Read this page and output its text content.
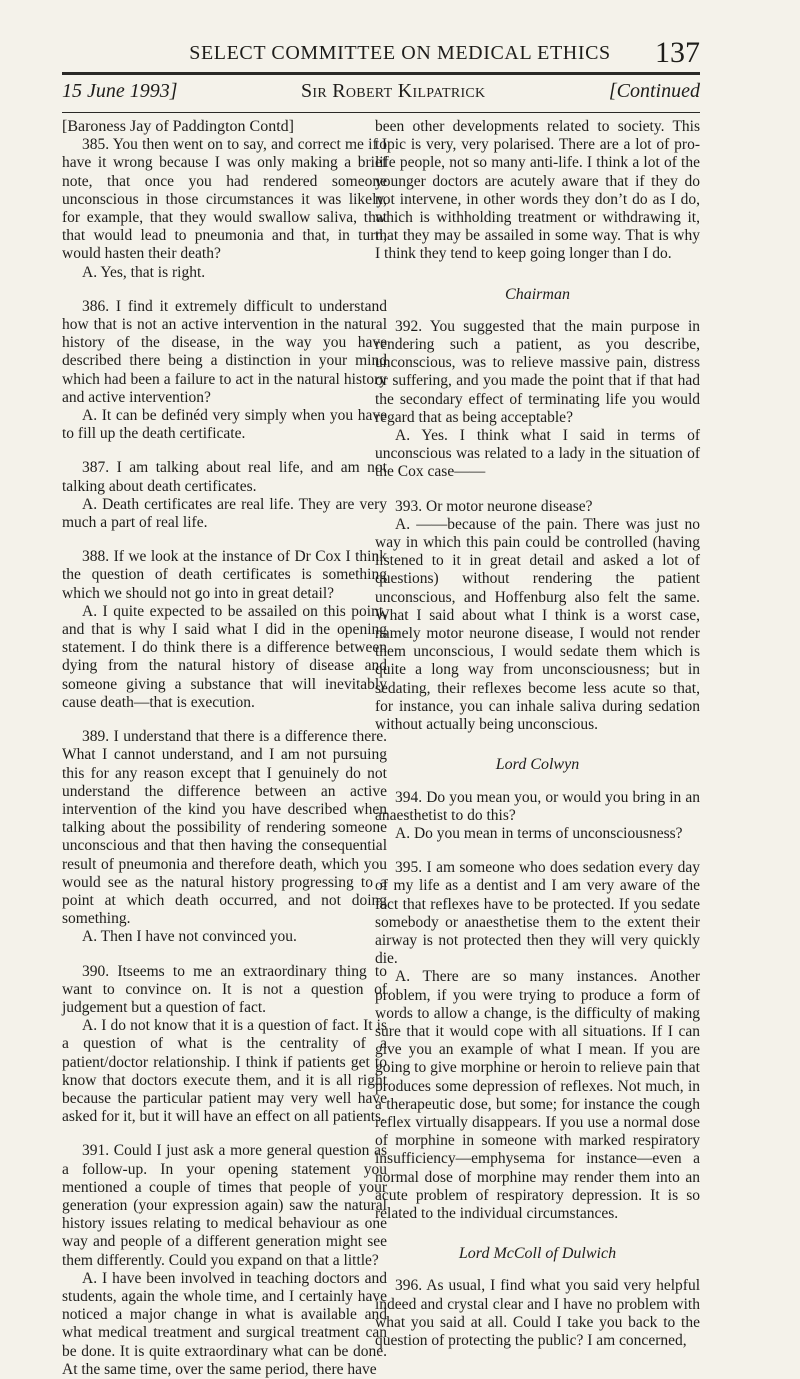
SELECT COMMITTEE ON MEDICAL ETHICS 137
15 June 1993]	Sir Robert Kilpatrick	[Continued

[Baroness Jay of Paddington Contd]

385. You then went on to say, and correct me if I have it wrong because I was only making a brief note, that once you had rendered someone unconscious in those circumstances it was likely, for example, that they would swallow saliva, that that would lead to pneumonia and that, in turn, would hasten their death?

A. Yes, that is right.

386. I find it extremely difficult to understand how that is not an active intervention in the natural history of the disease, in the way you have described there being a distinction in your mind which had been a failure to act in the natural history and active intervention?

A. It can be definéd very simply when you have to fill up the death certificate.

387. I am talking about real life, and am not talking about death certificates.

A. Death certificates are real life. They are very much a part of real life.

388. If we look at the instance of Dr Cox I think the question of death certificates is something which we should not go into in great detail?

A. I quite expected to be assailed on this point, and that is why I said what I did in the opening statement. I do think there is a difference between dying from the natural history of disease and someone giving a substance that will inevitably cause death—that is execution.

389. I understand that there is a difference there. What I cannot understand, and I am not pursuing this for any reason except that I genuinely do not understand the difference between an active intervention of the kind you have described when talking about the possibility of rendering someone unconscious and that then having the consequential result of pneumonia and therefore death, which you would see as the natural history progressing to a point at which death occurred, and not doing something.

A. Then I have not convinced you.

390. Itseems to me an extraordinary thing to want to convince on. It is not a question of judgement but a question of fact.

A. I do not know that it is a question of fact. It is a question of what is the centrality of a patient/doctor relationship. I think if patients get to know that doctors execute them, and it is all right because the particular patient may very well have asked for it, but it will have an effect on all patients.

391. Could I just ask a more general question as a follow-up. In your opening statement you mentioned a couple of times that people of your generation (your expression again) saw the natural history issues relating to medical behaviour as one way and people of a different generation might see them differently. Could you expand on that a little?

A. I have been involved in teaching doctors and students, again the whole time, and I certainly have noticed a major change in what is available and what medical treatment and surgical treatment can be done. It is quite extraordinary what can be done. At the same time, over the same period, there have

been other developments related to society. This topic is very, very polarised. There are a lot of pro-life people, not so many anti-life. I think a lot of the younger doctors are acutely aware that if they do not intervene, in other words they don’t do as I do, which is withholding treatment or withdrawing it, that they may be assailed in some way. That is why I think they tend to keep going longer than I do.

Chairman

392. You suggested that the main purpose in rendering such a patient, as you describe, unconscious, was to relieve massive pain, distress or suffering, and you made the point that if that had the secondary effect of terminating life you would regard that as being acceptable?

A. Yes. I think what I said in terms of unconscious was related to a lady in the situation of the Cox case——

393. Or motor neurone disease?

A. ——because of the pain. There was just no way in which this pain could be controlled (having listened to it in great detail and asked a lot of questions) without rendering the patient unconscious, and Hoffenburg also felt the same. What I said about what I think is a worst case, namely motor neurone disease, I would not render them unconscious, I would sedate them which is quite a long way from unconsciousness; but in sedating, their reflexes become less acute so that, for instance, you can inhale saliva during sedation without actually being unconscious.

Lord Colwyn

394. Do you mean you, or would you bring in an anaesthetist to do this?

A. Do you mean in terms of unconsciousness?

395. I am someone who does sedation every day of my life as a dentist and I am very aware of the fact that reflexes have to be protected. If you sedate somebody or anaesthetise them to the extent their airway is not protected then they will very quickly die.

A. There are so many instances. Another problem, if you were trying to produce a form of words to allow a change, is the difficulty of making sure that it would cope with all situations. If I can give you an example of what I mean. If you are going to give morphine or heroin to relieve pain that produces some depression of reflexes. Not much, in a therapeutic dose, but some; for instance the cough reflex virtually disappears. If you use a normal dose of morphine in someone with marked respiratory insufficiency—emphysema for instance—even a normal dose of morphine may render them into an acute problem of respiratory depression. It is so related to the individual circumstances.

Lord McColl of Dulwich

396. As usual, I find what you said very helpful indeed and crystal clear and I have no problem with what you said at all. Could I take you back to the question of protecting the public? I am concerned,
